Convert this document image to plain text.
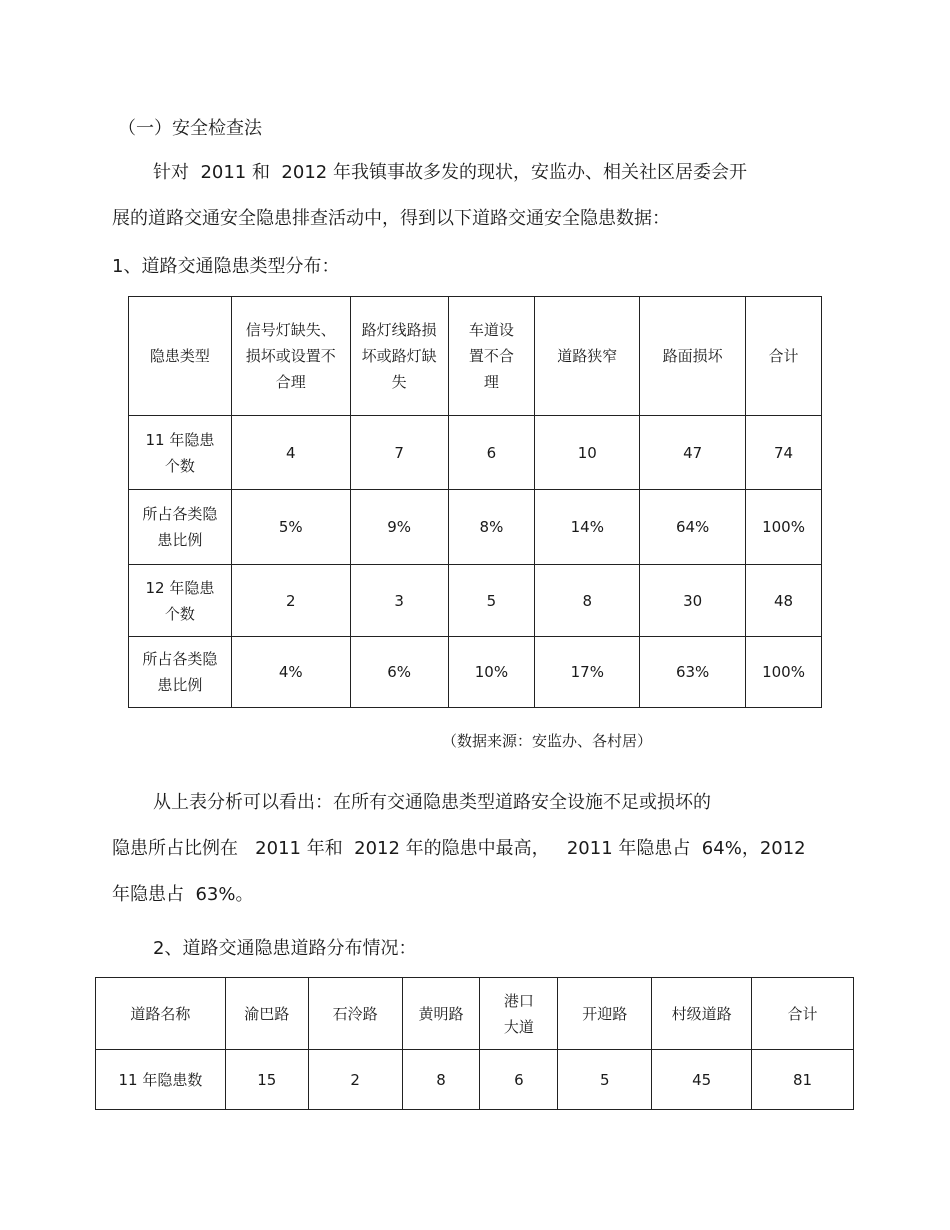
（一）安全检查法
针对  2011 和  2012 年我镇事故多发的现状，安监办、相关社区居委会开
展的道路交通安全隐患排查活动中，得到以下道路交通安全隐患数据：
1、道路交通隐患类型分布：
隐患类型	信号灯缺失、损坏或设置不合理	路灯线路损坏或路灯缺失	车道设置不合理	道路狭窄	路面损坏	合计
11 年隐患个数	4	7	6	10	47	74
所占各类隐患比例	5%	9%	8%	14%	64%	100%
12 年隐患个数	2	3	5	8	30	48
所占各类隐患比例	4%	6%	10%	17%	63%	100%
（数据来源：安监办、各村居）
从上表分析可以看出：在所有交通隐患类型道路安全设施不足或损坏的
隐患所占比例在   2011 年和  2012 年的隐患中最高，   2011 年隐患占  64%，2012
年隐患占  63%。
2、道路交通隐患道路分布情况：
道路名称	渝巴路	石泠路	黄明路	港口大道	开迎路	村级道路	合计
11 年隐患数	15	2	8	6	5	45	81
